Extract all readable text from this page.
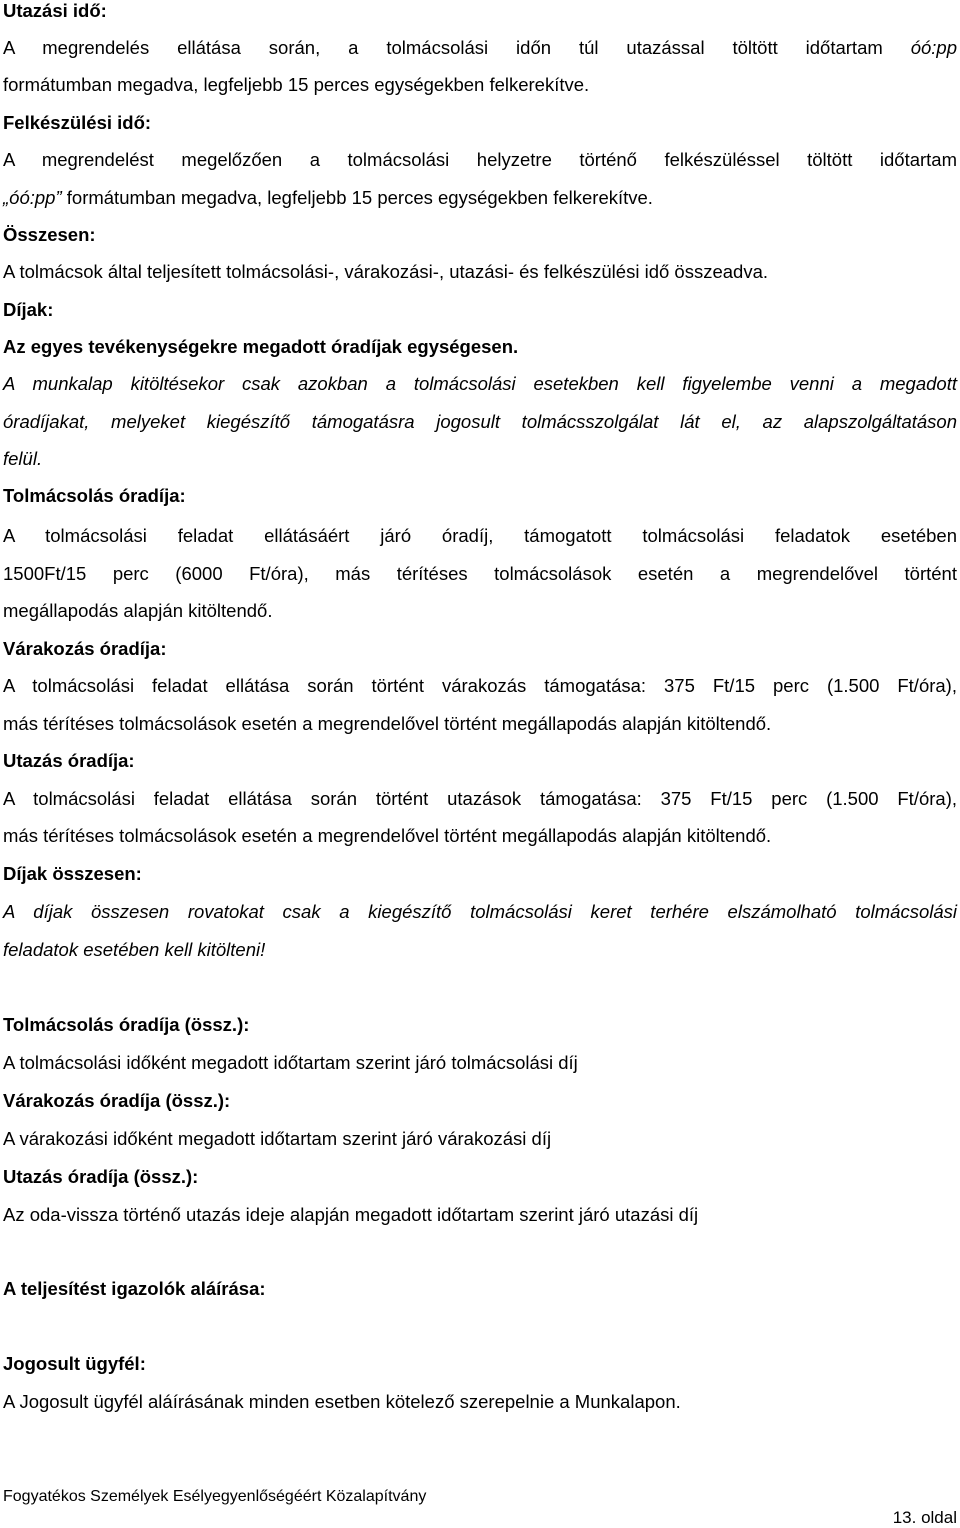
Utazási idő:
A megrendelés ellátása során, a tolmácsolási időn túl utazással töltött időtartam óó:pp
formátumban megadva, legfeljebb 15 perces egységekben felkerekítve.
Felkészülési idő:
A megrendelést megelőzően a tolmácsolási helyzetre történő felkészüléssel töltött időtartam
„óó:pp” formátumban megadva, legfeljebb 15 perces egységekben felkerekítve.
Összesen:
A tolmácsok által teljesített tolmácsolási-, várakozási-, utazási- és felkészülési idő összeadva.
Díjak:
Az egyes tevékenységekre megadott óradíjak egységesen.
A munkalap kitöltésekor csak azokban a tolmácsolási esetekben kell figyelembe venni a megadott
óradíjakat, melyeket kiegészítő támogatásra jogosult tolmácsszolgálat lát el, az alapszolgáltatáson
felül.
Tolmácsolás óradíja:
A tolmácsolási feladat ellátásáért járó óradíj, támogatott tolmácsolási feladatok esetében
1500Ft/15 perc (6000 Ft/óra), más térítéses tolmácsolások esetén a megrendelővel történt
megállapodás alapján kitöltendő.
Várakozás óradíja:
A tolmácsolási feladat ellátása során történt várakozás támogatása: 375 Ft/15 perc (1.500 Ft/óra),
más térítéses tolmácsolások esetén a megrendelővel történt megállapodás alapján kitöltendő.
Utazás óradíja:
A tolmácsolási feladat ellátása során történt utazások támogatása: 375 Ft/15 perc (1.500 Ft/óra),
más térítéses tolmácsolások esetén a megrendelővel történt megállapodás alapján kitöltendő.
Díjak összesen:
A díjak összesen rovatokat csak a kiegészítő tolmácsolási keret terhére elszámolható tolmácsolási
feladatok esetében kell kitölteni!
Tolmácsolás óradíja (össz.):
A tolmácsolási időként megadott időtartam szerint járó tolmácsolási díj
Várakozás óradíja (össz.):
A várakozási időként megadott időtartam szerint járó várakozási díj
Utazás óradíja (össz.):
Az oda-vissza történő utazás ideje alapján megadott időtartam szerint járó utazási díj
A teljesítést igazolók aláírása:
Jogosult ügyfél:
A Jogosult ügyfél aláírásának minden esetben kötelező szerepelnie a Munkalapon.
Fogyatékos Személyek Esélyegyenlőségéért Közalapítvány
13. oldal
